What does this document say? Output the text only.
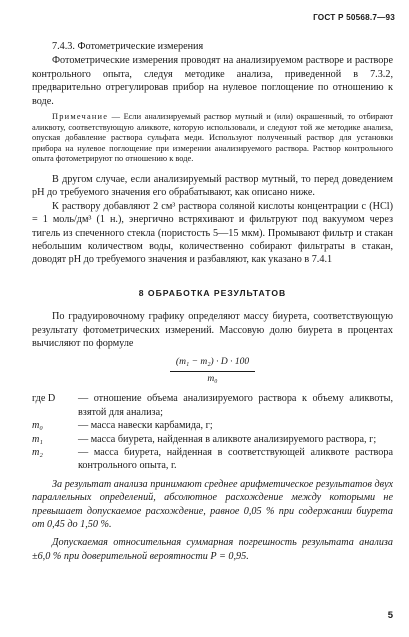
ГОСТ Р 50568.7—93

7.4.3. Фотометрические измерения

Фотометрические измерения проводят на анализируемом растворе и растворе контрольного опыта, следуя методике анализа, приведенной в 7.3.2, предварительно отрегулировав прибор на нулевое поглощение по отношению к воде.

Примечание — Если анализируемый раствор мутный и (или) окрашенный, то отбирают аликвоту, соответствующую аликвоте, которую использовали, и следуют той же методике анализа, опуская добавление раствора сульфата меди. Используют полученный раствор для установки прибора на нулевое поглощение при измерении анализируемого раствора. Раствор контрольного опыта фотометрируют по отношению к воде.

В другом случае, если анализируемый раствор мутный, то перед доведением pH до требуемого значения его обрабатывают, как описано ниже.

К раствору добавляют 2 см³ раствора соляной кислоты концентрации c (HCl) = 1 моль/дм³ (1 н.), энергично встряхивают и фильтруют под вакуумом через тигель из спеченного стекла (пористость 5—15 мкм). Промывают фильтр и стакан небольшим количеством воды, количественно собирают фильтраты в стакан, доводят pH до требуемого значения и разбавляют, как указано в 7.4.1

8 ОБРАБОТКА РЕЗУЛЬТАТОВ

По градуировочному графику определяют массу биурета, соответствующую результату фотометрических измерений. Массовую долю биурета в процентах вычисляют по формуле

$\frac{\text{(m₁ − m₂) · D · 100}}{\text{m₀}}$
где D	— отношение объема анализируемого раствора к объему аликвоты, взятой для анализа;
m₀	— масса навески карбамида, г;
m₁	— масса биурета, найденная в аликвоте анализируемого раствора, г;
m₂	— масса биурета, найденная в соответствующей аликвоте раствора контрольного опыта, г.

За результат анализа принимают среднее арифметическое результатов двух параллельных определений, абсолютное расхождение между которыми не превышает допускаемое расхождение, равное 0,05 % при содержании биурета от 0,45 до 1,50 %.

Допускаемая относительная суммарная погрешность результата анализа ±6,0 % при доверительной вероятности P = 0,95.

5
